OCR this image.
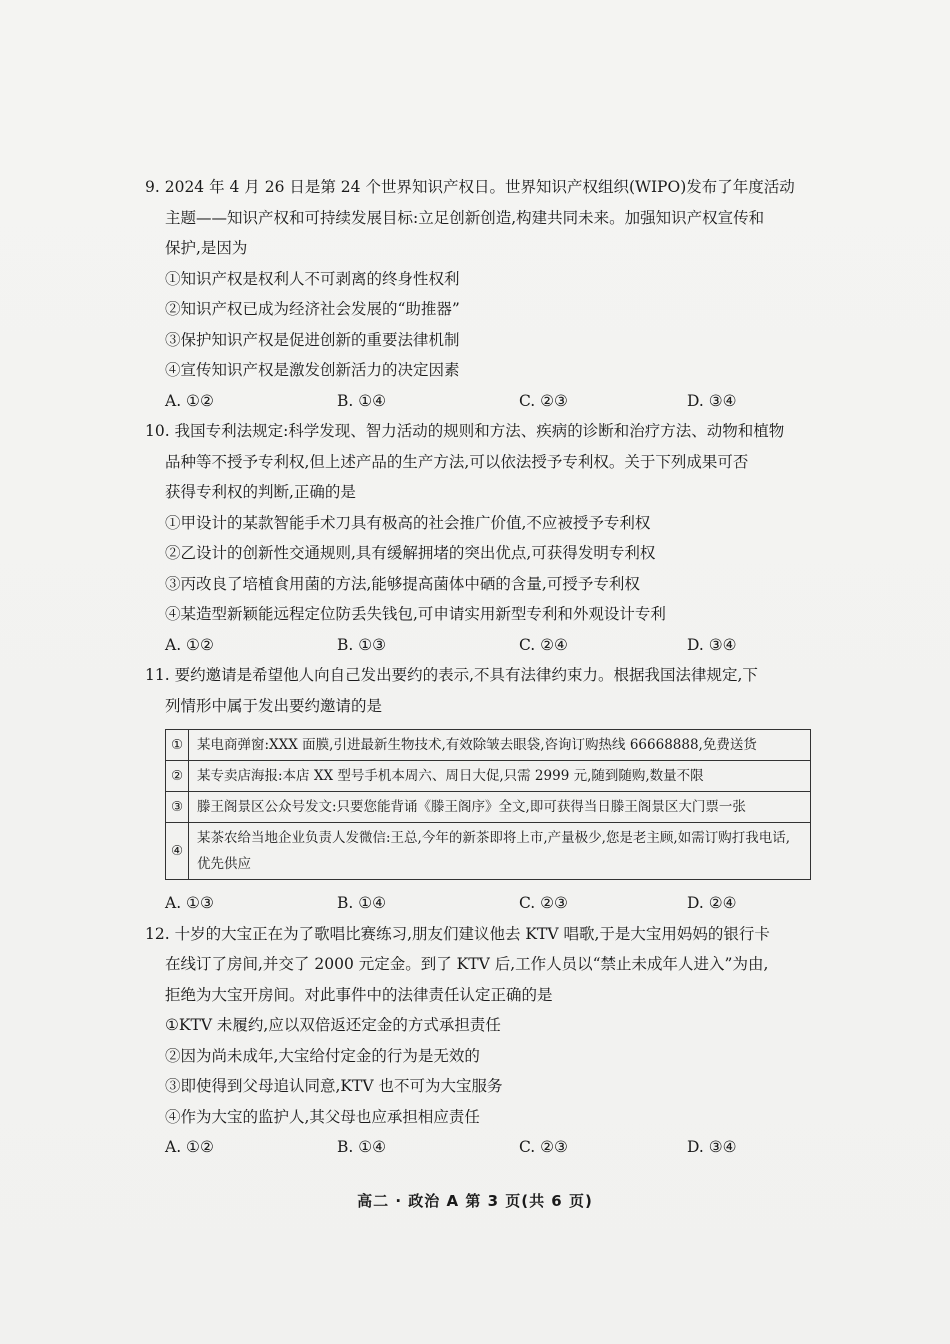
9. 2024 年 4 月 26 日是第 24 个世界知识产权日。世界知识产权组织(WIPO)发布了年度活动

主题——知识产权和可持续发展目标:立足创新创造,构建共同未来。加强知识产权宣传和

保护,是因为

①知识产权是权利人不可剥离的终身性权利

②知识产权已成为经济社会发展的“助推器”

③保护知识产权是促进创新的重要法律机制

④宣传知识产权是激发创新活力的决定因素

A. ①②	B. ①④	C. ②③	D. ③④

10. 我国专利法规定:科学发现、智力活动的规则和方法、疾病的诊断和治疗方法、动物和植物

品种等不授予专利权,但上述产品的生产方法,可以依法授予专利权。关于下列成果可否

获得专利权的判断,正确的是

①甲设计的某款智能手术刀具有极高的社会推广价值,不应被授予专利权

②乙设计的创新性交通规则,具有缓解拥堵的突出优点,可获得发明专利权

③丙改良了培植食用菌的方法,能够提高菌体中硒的含量,可授予专利权

④某造型新颖能远程定位防丢失钱包,可申请实用新型专利和外观设计专利

A. ①②	B. ①③	C. ②④	D. ③④

11. 要约邀请是希望他人向自己发出要约的表示,不具有法律约束力。根据我国法律规定,下

列情形中属于发出要约邀请的是

①	某电商弹窗:XXX 面膜,引进最新生物技术,有效除皱去眼袋,咨询订购热线 66668888,免费送货
②	某专卖店海报:本店 XX 型号手机本周六、周日大促,只需 2999 元,随到随购,数量不限
③	滕王阁景区公众号发文:只要您能背诵《滕王阁序》全文,即可获得当日滕王阁景区大门票一张
④	某茶农给当地企业负责人发微信:王总,今年的新茶即将上市,产量极少,您是老主顾,如需订购打我电话,优先供应
A. ①③	B. ①④	C. ②③	D. ②④

12. 十岁的大宝正在为了歌唱比赛练习,朋友们建议他去 KTV 唱歌,于是大宝用妈妈的银行卡

在线订了房间,并交了 2000 元定金。到了 KTV 后,工作人员以“禁止未成年人进入”为由,

拒绝为大宝开房间。对此事件中的法律责任认定正确的是

①KTV 未履约,应以双倍返还定金的方式承担责任

②因为尚未成年,大宝给付定金的行为是无效的

③即使得到父母追认同意,KTV 也不可为大宝服务

④作为大宝的监护人,其父母也应承担相应责任

A. ①②	B. ①④	C. ②③	D. ③④
高二 · 政治 A 第 3 页(共 6 页)
